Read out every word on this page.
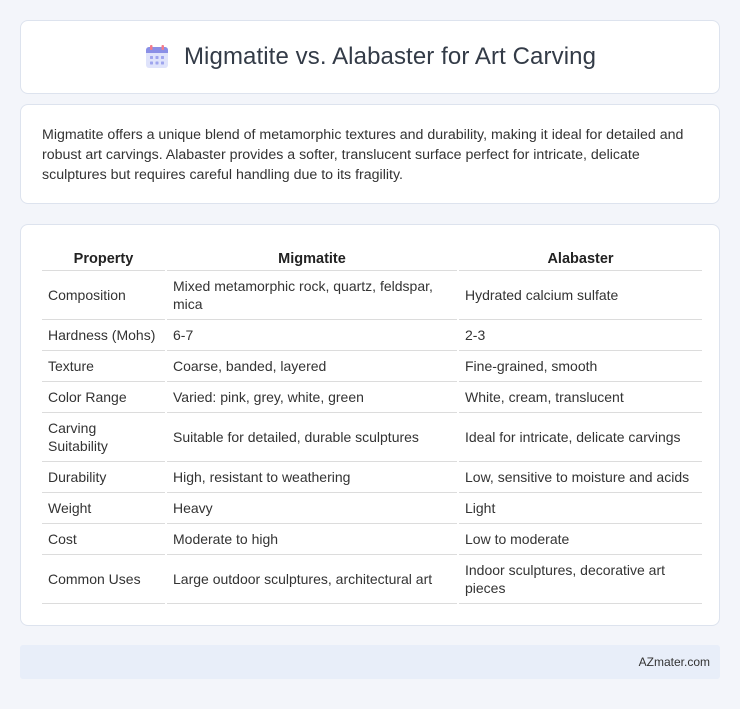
Migmatite vs. Alabaster for Art Carving

Migmatite offers a unique blend of metamorphic textures and durability, making it ideal for detailed and robust art carvings. Alabaster provides a softer, translucent surface perfect for intricate, delicate sculptures but requires careful handling due to its fragility.

Property	Migmatite	Alabaster
Composition	Mixed metamorphic rock, quartz, feldspar, mica	Hydrated calcium sulfate
Hardness (Mohs)	6-7	2-3
Texture	Coarse, banded, layered	Fine-grained, smooth
Color Range	Varied: pink, grey, white, green	White, cream, translucent
Carving Suitability	Suitable for detailed, durable sculptures	Ideal for intricate, delicate carvings
Durability	High, resistant to weathering	Low, sensitive to moisture and acids
Weight	Heavy	Light
Cost	Moderate to high	Low to moderate
Common Uses	Large outdoor sculptures, architectural art	Indoor sculptures, decorative art pieces
AZmater.com
